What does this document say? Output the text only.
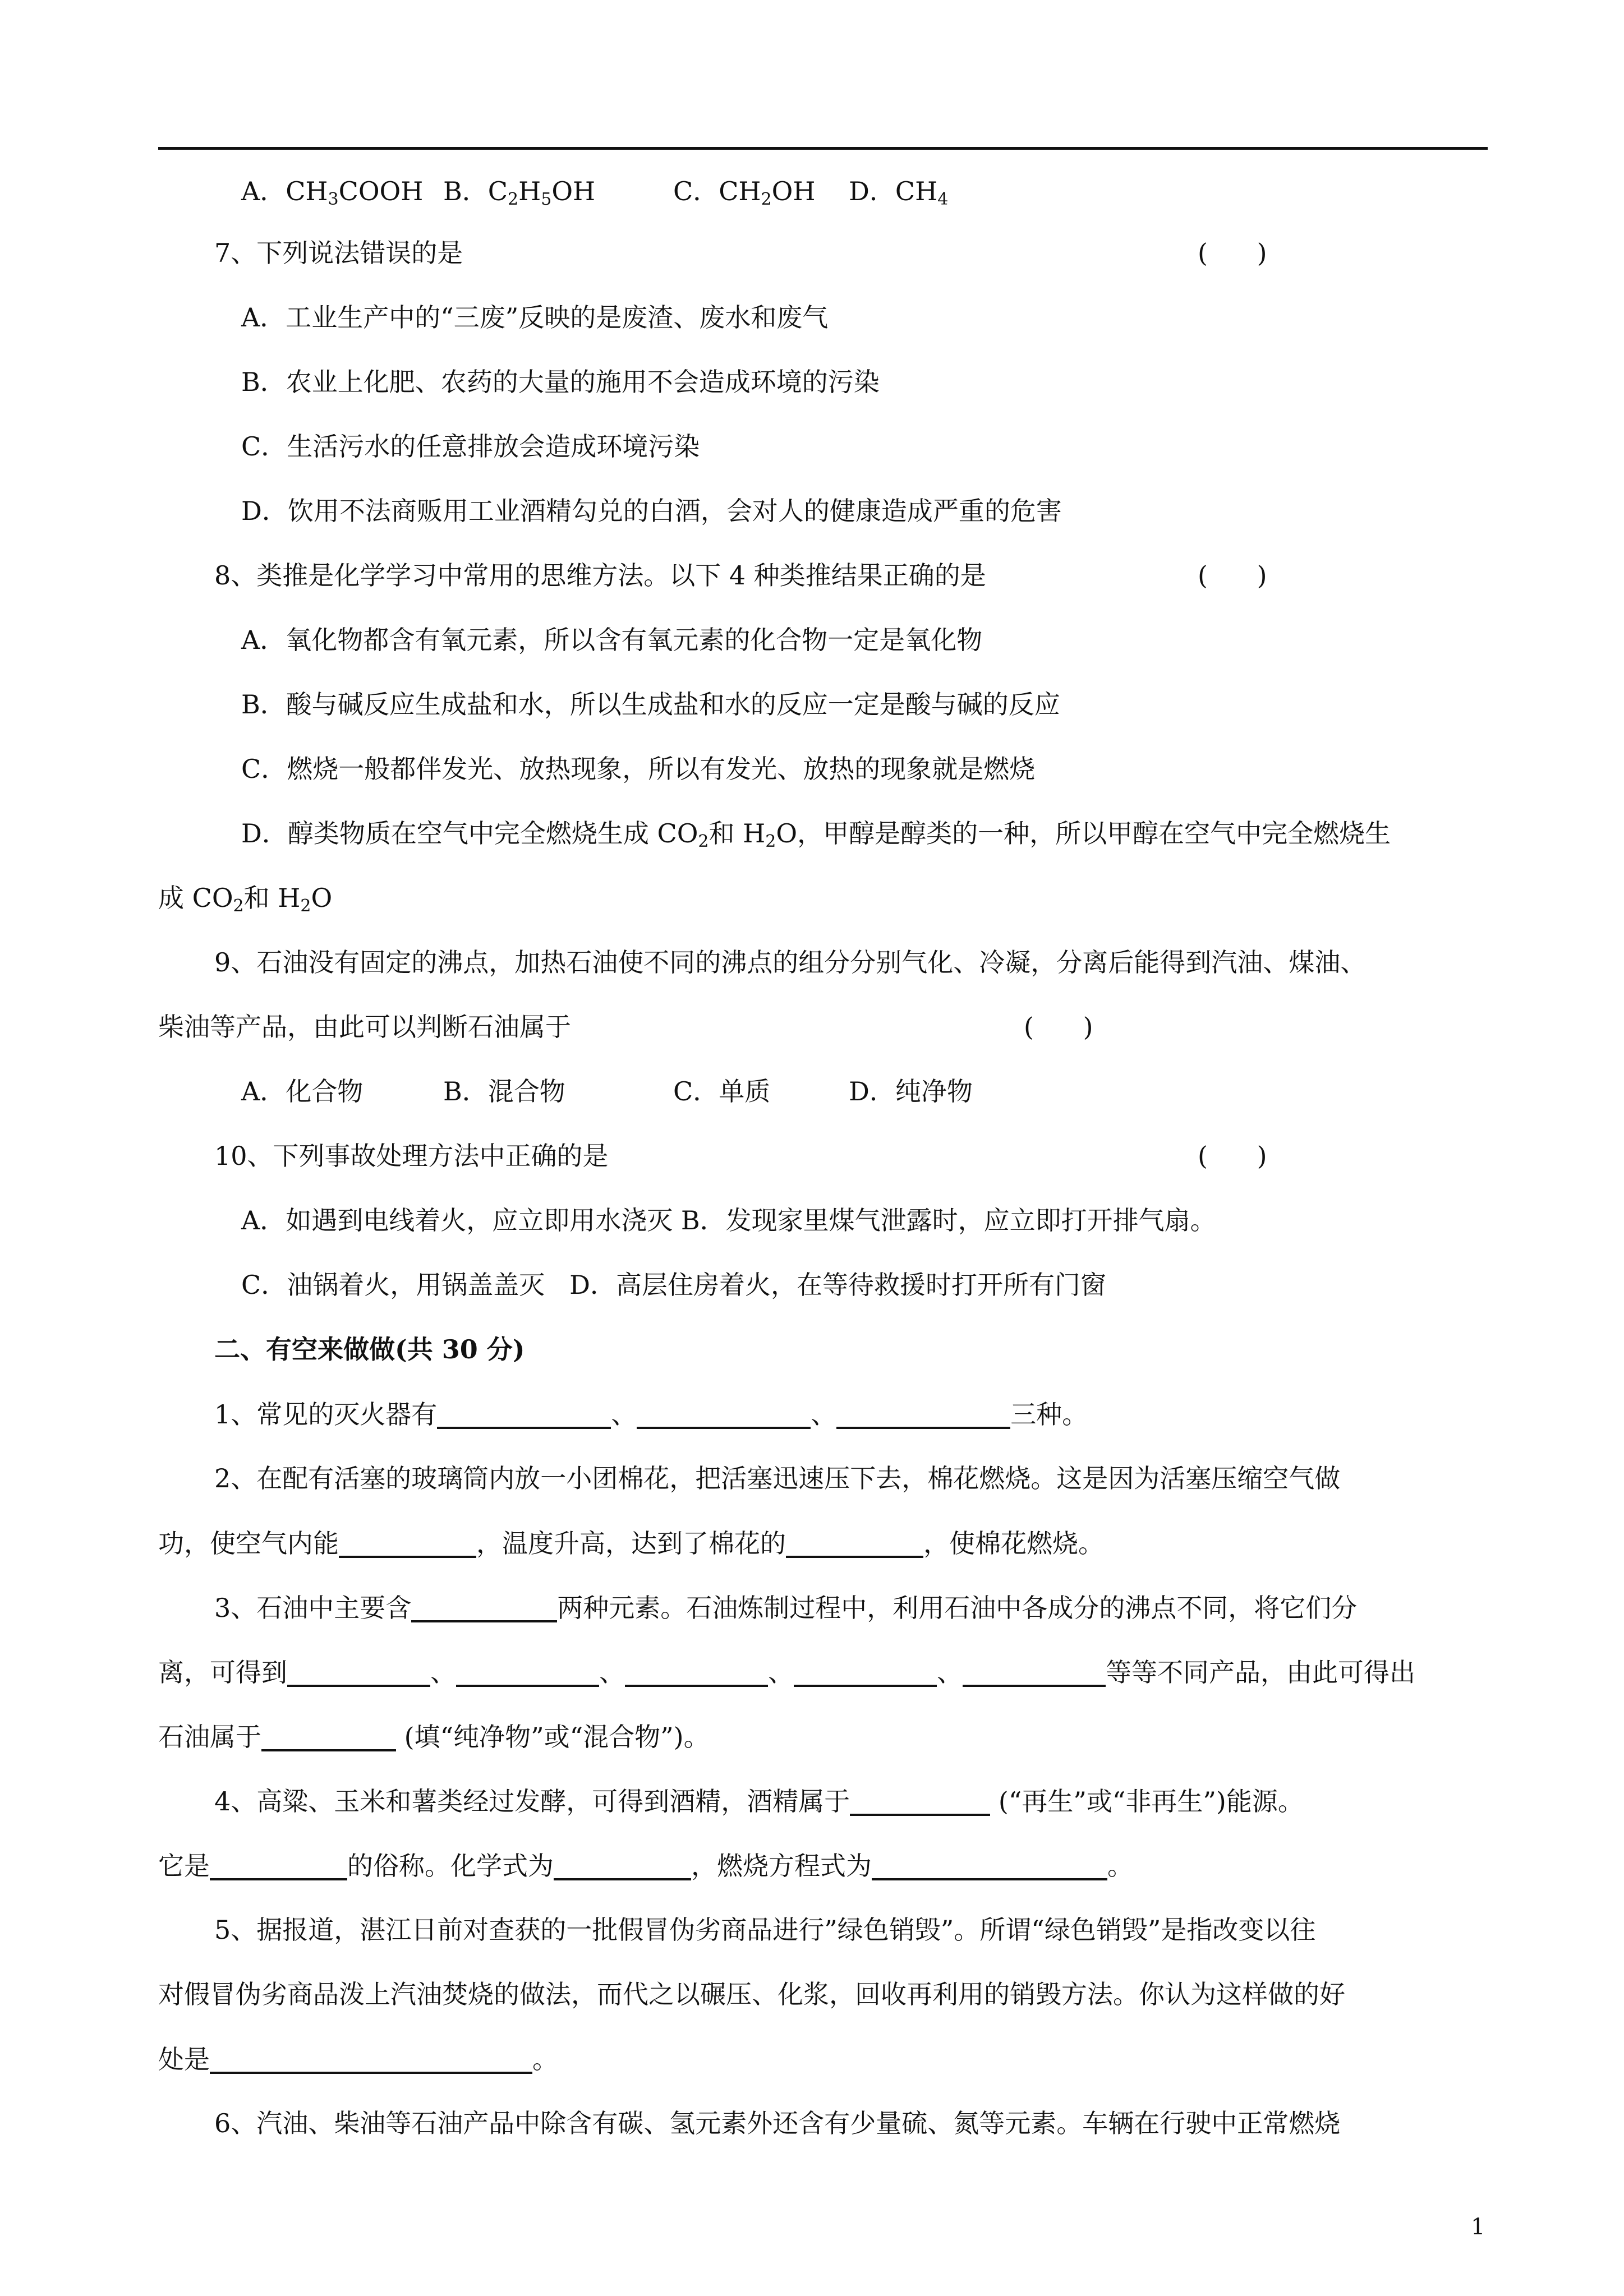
A．$CH_3COOH$ B．$C_2H_5OH$	C．$CH_2OH$ D．$CH_4$
7、下列说法错误的是	(      )
A．工业生产中的“三废”反映的是废渣、废水和废气
B．农业上化肥、农药的大量的施用不会造成环境的污染
C．生活污水的任意排放会造成环境污染
D．饮用不法商贩用工业酒精勾兑的白酒，会对人的健康造成严重的危害
8、类推是化学学习中常用的思维方法。以下 4 种类推结果正确的是	(      )
A．氧化物都含有氧元素，所以含有氧元素的化合物一定是氧化物
B．酸与碱反应生成盐和水，所以生成盐和水的反应一定是酸与碱的反应
C．燃烧一般都伴发光、放热现象，所以有发光、放热的现象就是燃烧
D．醇类物质在空气中完全燃烧生成 $CO_2$和 $H_2O$，甲醇是醇类的一种，所以甲醇在空气中完全燃烧生
成 $CO_2$和 $H_2O$
9、石油没有固定的沸点，加热石油使不同的沸点的组分分别气化、冷凝，分离后能得到汽油、煤油、
柴油等产品，由此可以判断石油属于	(      )
A．化合物	B．混合物	C．单质	D．纯净物
10、下列事故处理方法中正确的是	(      )
A．如遇到电线着火，应立即用水浇灭 B．发现家里煤气泄露时，应立即打开排气扇。
C．油锅着火，用锅盖盖灭   D．高层住房着火，在等待救援时打开所有门窗
二、有空来做做(共 30 分)
1、常见的灭火器有	、	、	三种。
2、在配有活塞的玻璃筒内放一小团棉花，把活塞迅速压下去，棉花燃烧。这是因为活塞压缩空气做
功，使空气内能	，温度升高，达到了棉花的	，使棉花燃烧。
3、石油中主要含	两种元素。石油炼制过程中，利用石油中各成分的沸点不同，将它们分
离，可得到	、	、	、	、	等等不同产品，由此可得出
石油属于	(填“纯净物”或“混合物”)。
4、高粱、玉米和薯类经过发酵，可得到酒精，酒精属于	(“再生”或“非再生”)能源。
它是	的俗称。化学式为	，燃烧方程式为	。
5、据报道，湛江日前对查获的一批假冒伪劣商品进行”绿色销毁”。所谓“绿色销毁”是指改变以往
对假冒伪劣商品泼上汽油焚烧的做法，而代之以碾压、化浆，回收再利用的销毁方法。你认为这样做的好
处是	。
6、汽油、柴油等石油产品中除含有碳、氢元素外还含有少量硫、氮等元素。车辆在行驶中正常燃烧
1
